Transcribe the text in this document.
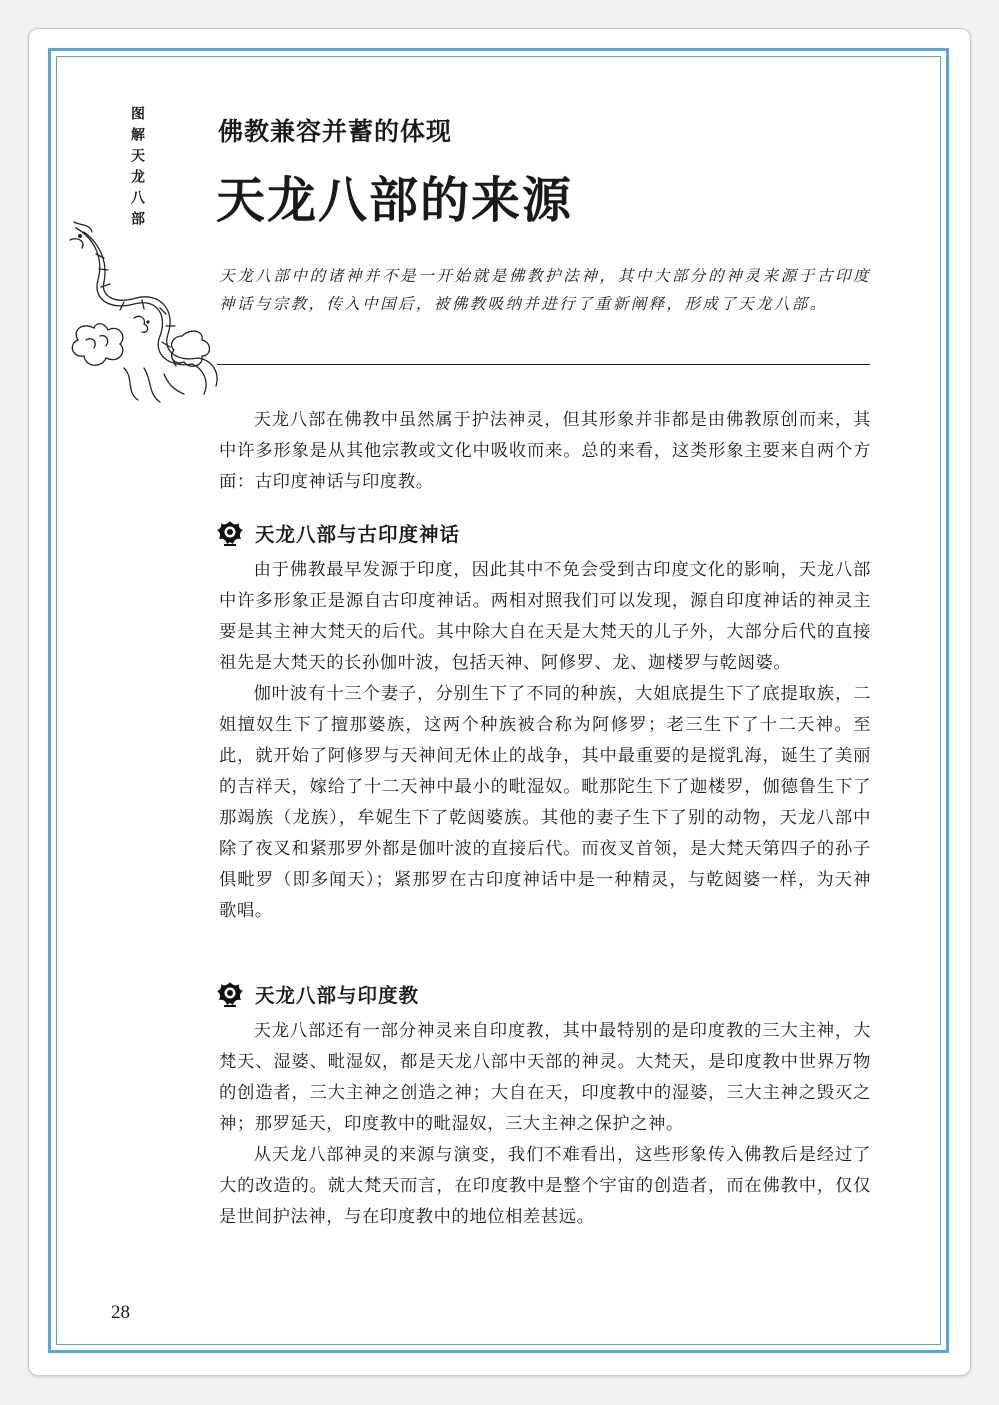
图解天龙八部	佛教兼容并蓄的体现
天龙八部的来源

天龙八部中的诸神并不是一开始就是佛教护法神，其中大部分的神灵来源于古印度神话与宗教，传入中国后，被佛教吸纳并进行了重新阐释，形成了天龙八部。

天龙八部在佛教中虽然属于护法神灵，但其形象并非都是由佛教原创而来，其中许多形象是从其他宗教或文化中吸收而来。总的来看，这类形象主要来自两个方面：古印度神话与印度教。

天龙八部与古印度神话

由于佛教最早发源于印度，因此其中不免会受到古印度文化的影响，天龙八部中许多形象正是源自古印度神话。两相对照我们可以发现，源自印度神话的神灵主要是其主神大梵天的后代。其中除大自在天是大梵天的儿子外，大部分后代的直接祖先是大梵天的长孙伽叶波，包括天神、阿修罗、龙、迦楼罗与乾闼婆。

伽叶波有十三个妻子，分别生下了不同的种族，大姐底提生下了底提取族，二姐擅奴生下了擅那婆族，这两个种族被合称为阿修罗；老三生下了十二天神。至此，就开始了阿修罗与天神间无休止的战争，其中最重要的是搅乳海，诞生了美丽的吉祥天，嫁给了十二天神中最小的毗湿奴。毗那陀生下了迦楼罗，伽德鲁生下了那竭族（龙族），牟妮生下了乾闼婆族。其他的妻子生下了别的动物，天龙八部中除了夜叉和紧那罗外都是伽叶波的直接后代。而夜叉首领，是大梵天第四子的孙子俱毗罗（即多闻天）；紧那罗在古印度神话中是一种精灵，与乾闼婆一样，为天神歌唱。

天龙八部与印度教

天龙八部还有一部分神灵来自印度教，其中最特别的是印度教的三大主神，大梵天、湿婆、毗湿奴，都是天龙八部中天部的神灵。大梵天，是印度教中世界万物的创造者，三大主神之创造之神；大自在天，印度教中的湿婆，三大主神之毁灭之神；那罗延天，印度教中的毗湿奴，三大主神之保护之神。

从天龙八部神灵的来源与演变，我们不难看出，这些形象传入佛教后是经过了大的改造的。就大梵天而言，在印度教中是整个宇宙的创造者，而在佛教中，仅仅是世间护法神，与在印度教中的地位相差甚远。

28
